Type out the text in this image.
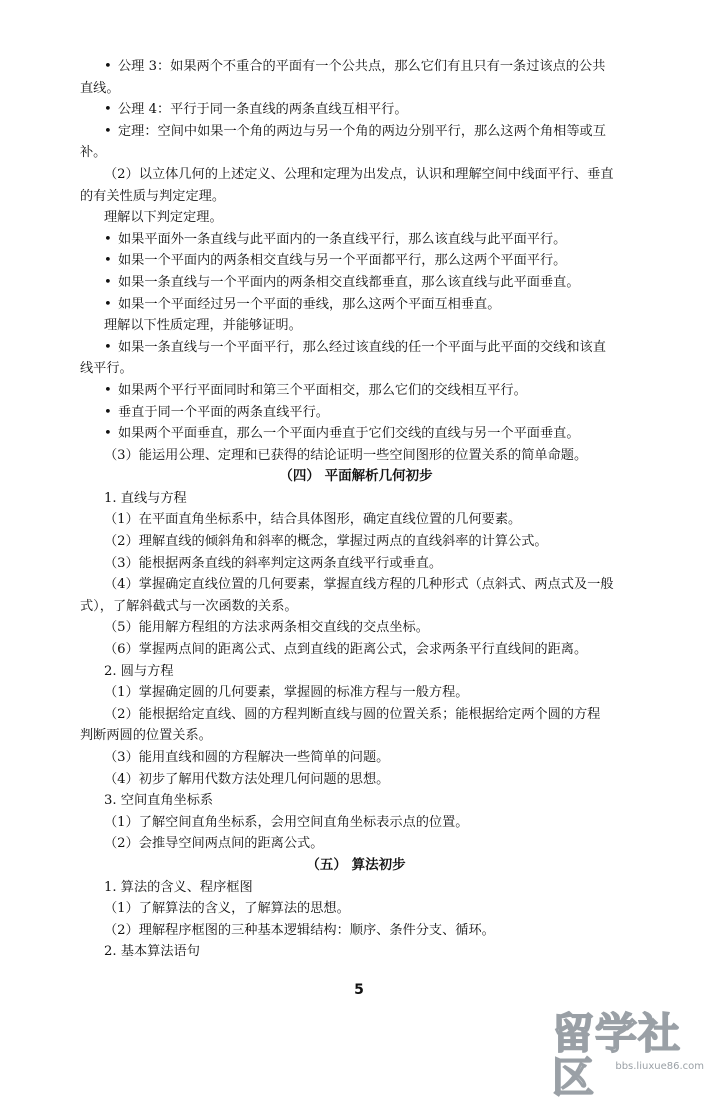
• 公理 3：如果两个不重合的平面有一个公共点，那么它们有且只有一条过该点的公共
直线。
• 公理 4：平行于同一条直线的两条直线互相平行。
• 定理：空间中如果一个角的两边与另一个角的两边分别平行，那么这两个角相等或互
补。
（2）以立体几何的上述定义、公理和定理为出发点，认识和理解空间中线面平行、垂直
的有关性质与判定定理。
理解以下判定定理。
• 如果平面外一条直线与此平面内的一条直线平行，那么该直线与此平面平行。
• 如果一个平面内的两条相交直线与另一个平面都平行，那么这两个平面平行。
• 如果一条直线与一个平面内的两条相交直线都垂直，那么该直线与此平面垂直。
• 如果一个平面经过另一个平面的垂线，那么这两个平面互相垂直。
理解以下性质定理，并能够证明。
• 如果一条直线与一个平面平行，那么经过该直线的任一个平面与此平面的交线和该直
线平行。
• 如果两个平行平面同时和第三个平面相交，那么它们的交线相互平行。
• 垂直于同一个平面的两条直线平行。
• 如果两个平面垂直，那么一个平面内垂直于它们交线的直线与另一个平面垂直。
（3）能运用公理、定理和已获得的结论证明一些空间图形的位置关系的简单命题。
（四） 平面解析几何初步
1. 直线与方程
（1）在平面直角坐标系中，结合具体图形，确定直线位置的几何要素。
（2）理解直线的倾斜角和斜率的概念，掌握过两点的直线斜率的计算公式。
（3）能根据两条直线的斜率判定这两条直线平行或垂直。
（4）掌握确定直线位置的几何要素，掌握直线方程的几种形式（点斜式、两点式及一般
式），了解斜截式与一次函数的关系。
（5）能用解方程组的方法求两条相交直线的交点坐标。
（6）掌握两点间的距离公式、点到直线的距离公式，会求两条平行直线间的距离。
2. 圆与方程
（1）掌握确定圆的几何要素，掌握圆的标准方程与一般方程。
（2）能根据给定直线、圆的方程判断直线与圆的位置关系；能根据给定两个圆的方程
判断两圆的位置关系。
（3）能用直线和圆的方程解决一些简单的问题。
（4）初步了解用代数方法处理几何问题的思想。
3. 空间直角坐标系
（1）了解空间直角坐标系，会用空间直角坐标表示点的位置。
（2）会推导空间两点间的距离公式。
（五） 算法初步
1. 算法的含义、程序框图
（1）了解算法的含义，了解算法的思想。
（2）理解程序框图的三种基本逻辑结构：顺序、条件分支、循环。
2. 基本算法语句
5
留学社区	bbs.liuxue86.com
